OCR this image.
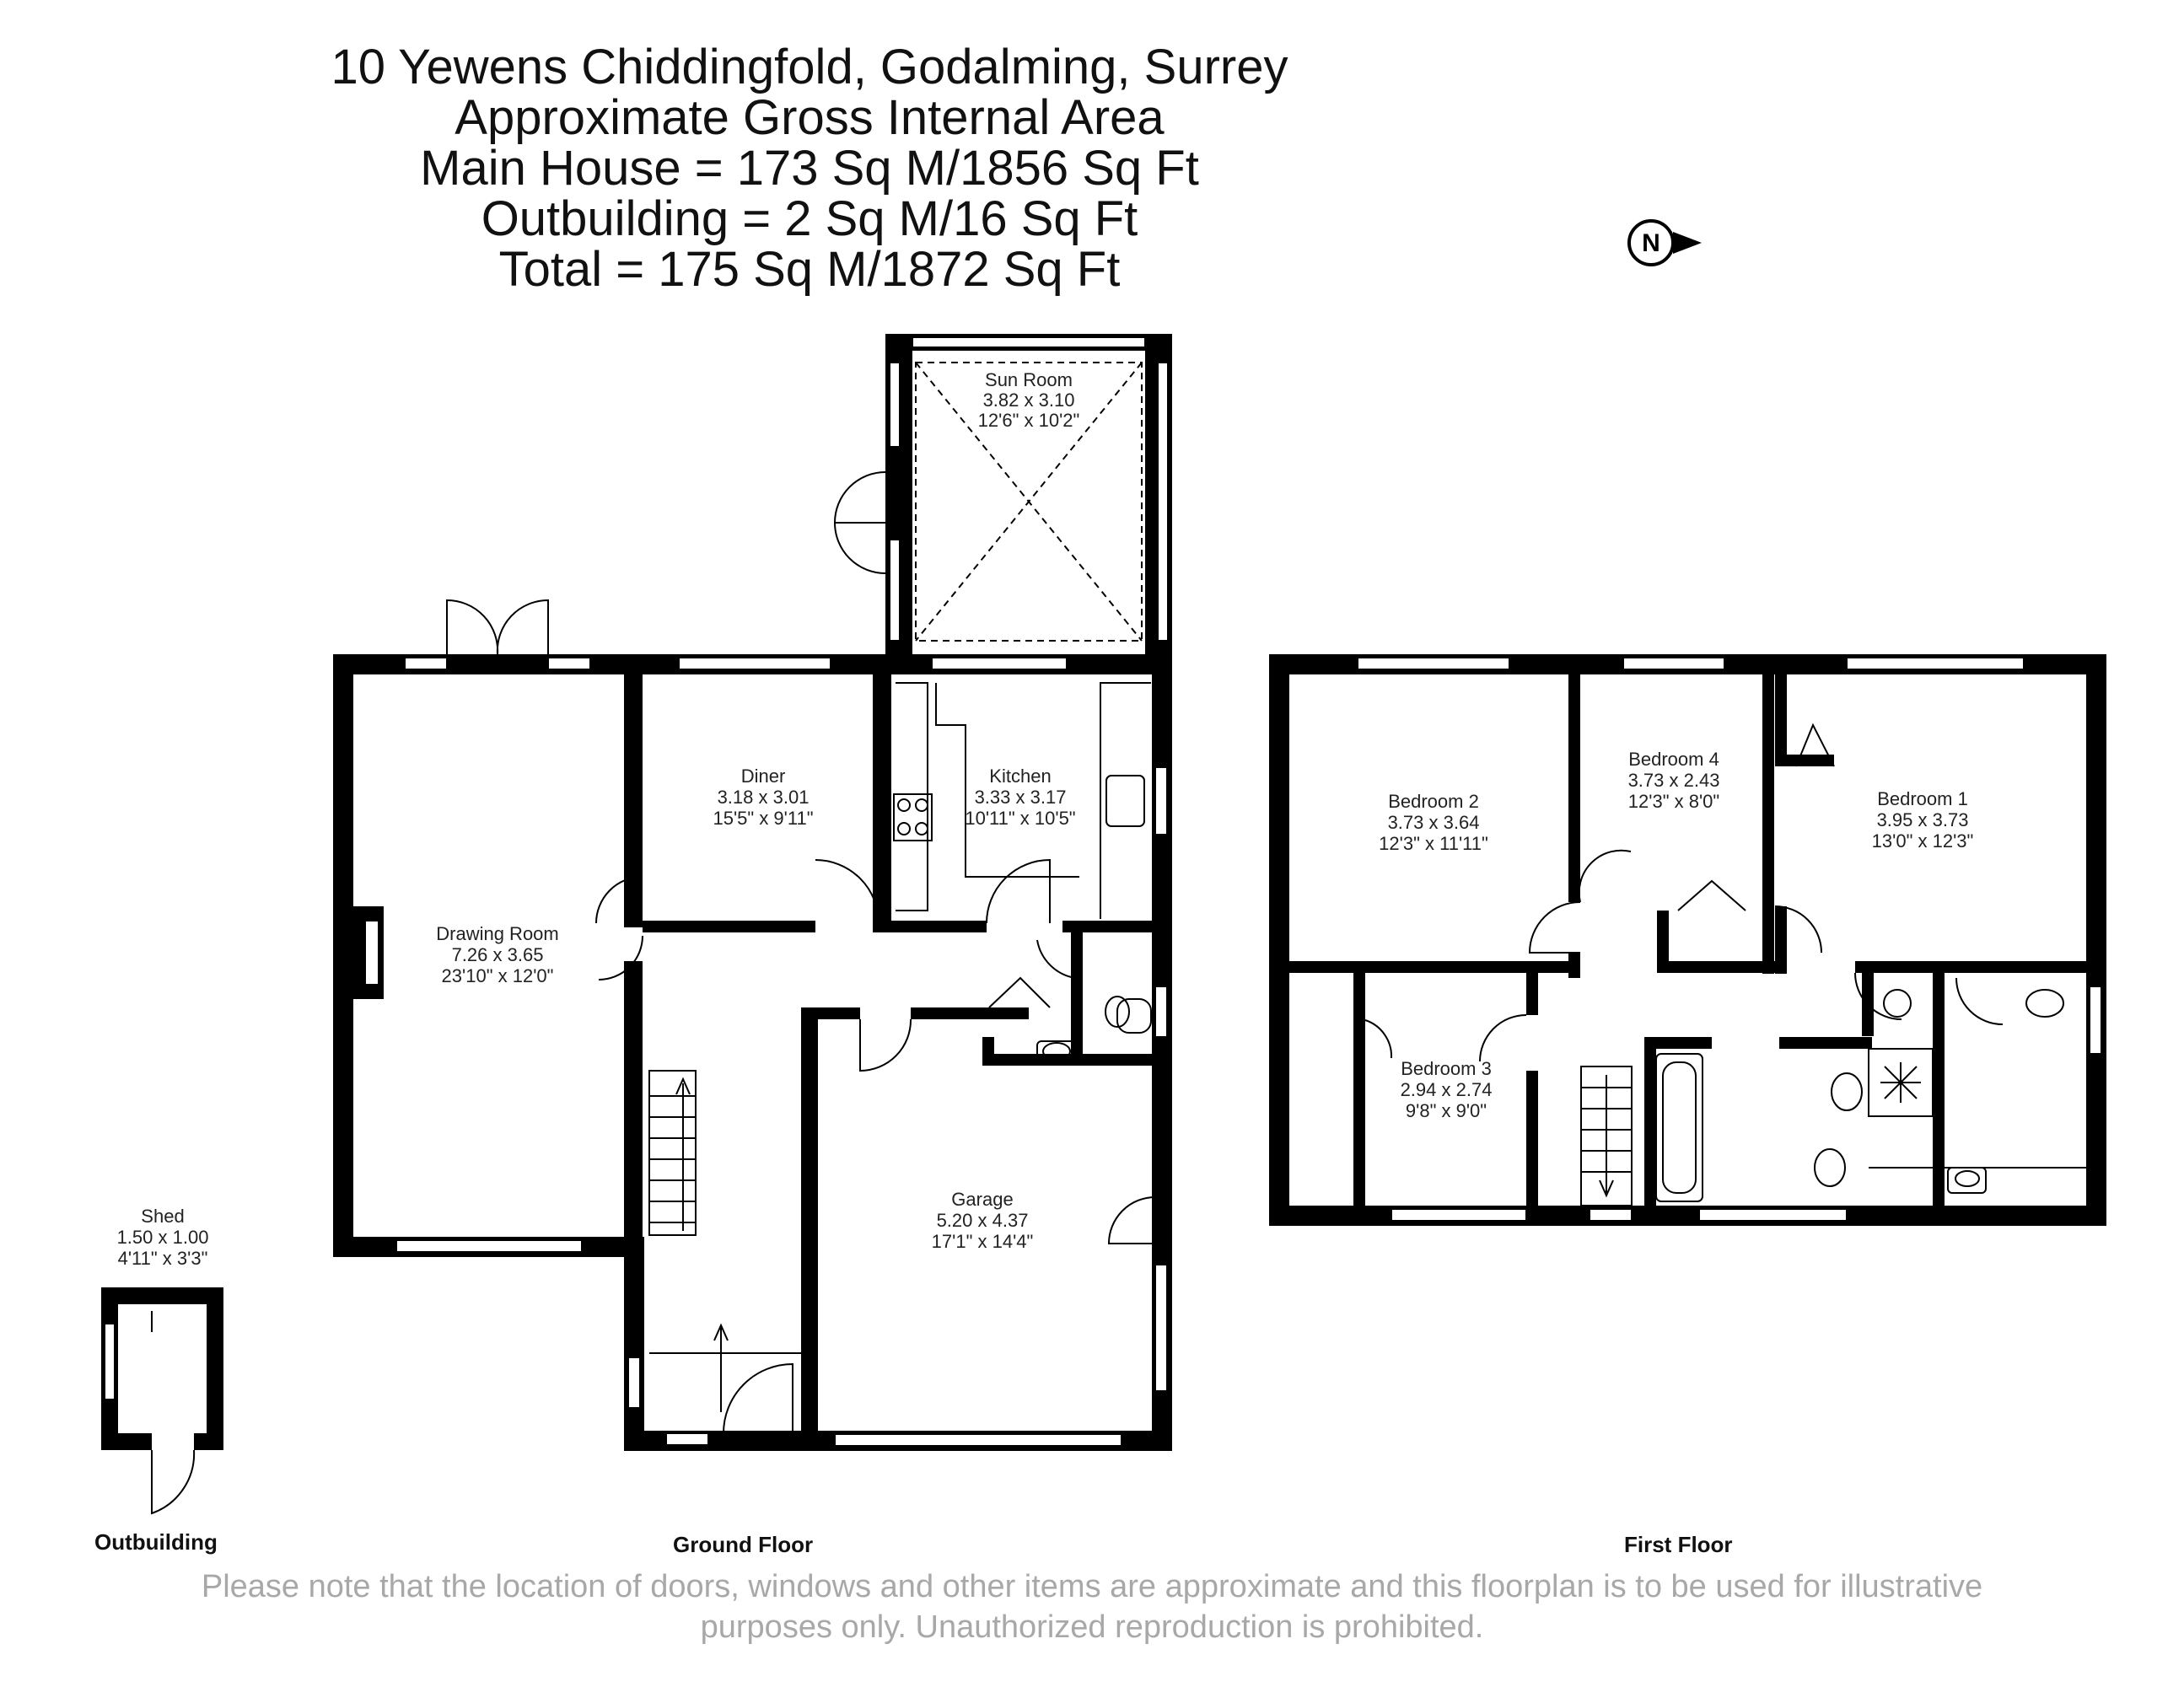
10 Yewens Chiddingfold, Godalming, Surrey
Approximate Gross Internal Area
Main House = 173 Sq M/1856 Sq Ft
Outbuilding = 2 Sq M/16 Sq Ft
Total = 175 Sq M/1872 Sq Ft	N
Sun Room
3.82 x 3.10
12'6" x 10'2"
Diner
3.18 x 3.01
15'5" x 9'11"
Kitchen
3.33 x 3.17
10'11" x 10'5"
Drawing Room
7.26 x 3.65
23'10" x 12'0"
Garage
5.20 x 4.37
17'1" x 14'4"
Shed
1.50 x 1.00
4'11" x 3'3"
Bedroom 2
3.73 x 3.64
12'3" x 11'11"
Bedroom 4
3.73 x 2.43
12'3" x 8'0"	Bedroom 1
3.95 x 3.73
13'0" x 12'3"
Bedroom 3
2.94 x 2.74
9'8" x 9'0"
Outbuilding	Ground Floor	First Floor
Please note that the location of doors, windows and other items are approximate and this floorplan is to be used for illustrative
purposes only. Unauthorized reproduction is prohibited.
